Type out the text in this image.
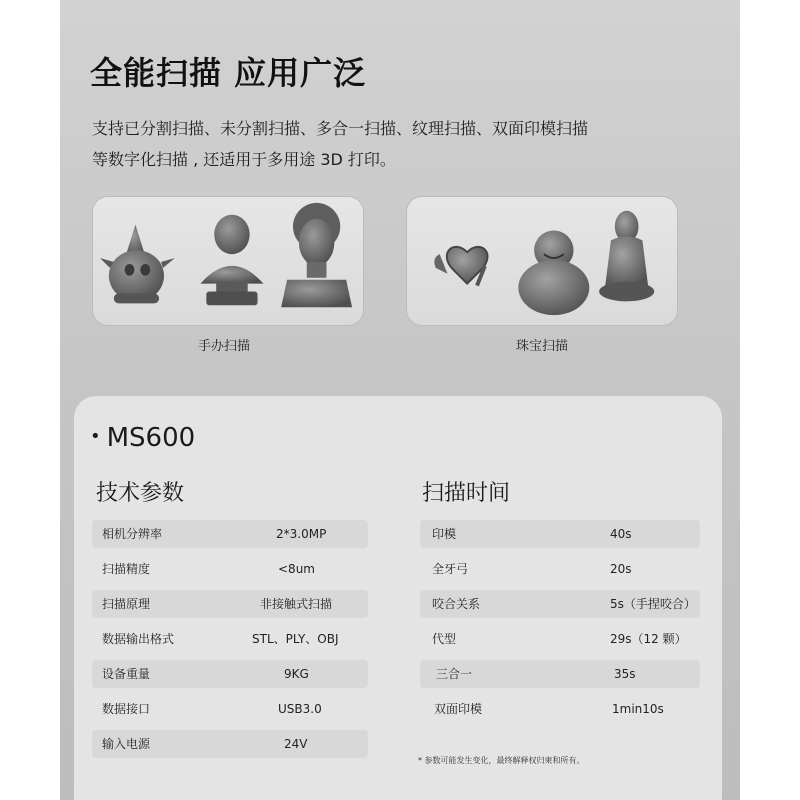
全能扫描 应用广泛
支持已分割扫描、未分割扫描、多合一扫描、纹理扫描、双面印模扫描
等数字化扫描 , 还适用于多用途 3D 打印。
手办扫描	珠宝扫描
• MS600
技术参数	扫描时间
相机分辨率	2*3.0MP
扫描精度	<8um
扫描原理	非接触式扫描
数据输出格式	STL、PLY、OBJ
设备重量	9KG
数据接口	USB3.0
输入电源	24V
印模	40s
全牙弓	20s
咬合关系	5s（手捏咬合）
代型	29s（12 颗）
三合一	35s
双面印模	1min10s
* 参数可能发生变化，最终解释权归柬和所有。
